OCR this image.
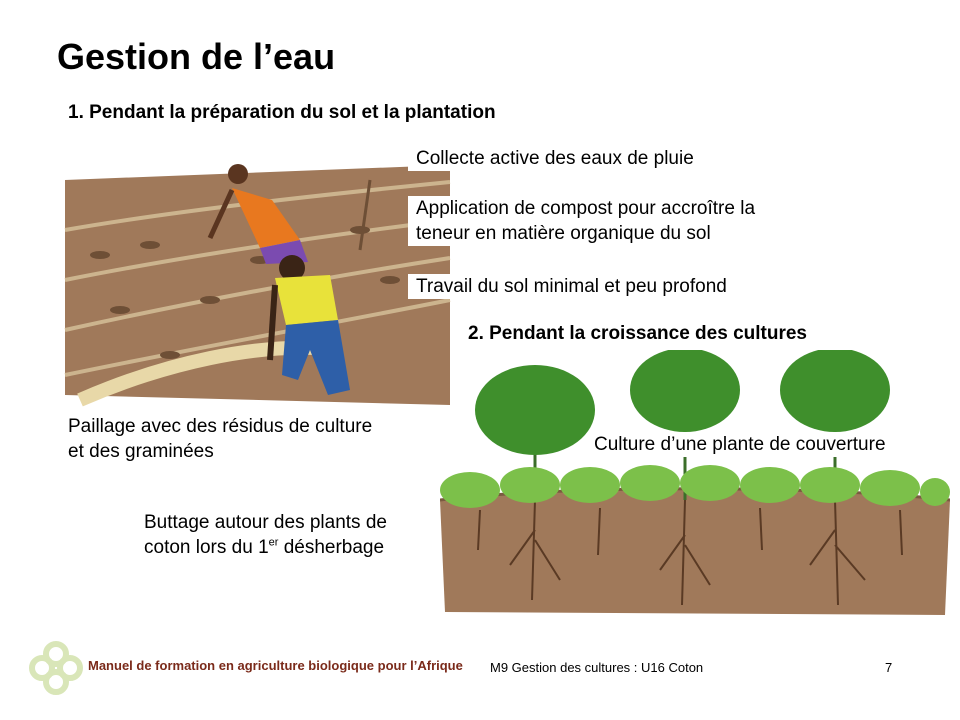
Gestion de l’eau
1. Pendant la préparation du sol et la plantation
Collecte active des eaux de pluie
Application de compost pour accroître la
teneur en matière organique du sol
Travail du sol minimal et peu profond
Paillage avec des résidus de culture
et des graminées
2. Pendant la croissance des cultures
Culture d’une plante de couverture
Buttage autour des plants de
coton lors du 1er désherbage
Manuel de formation en agriculture biologique pour l’Afrique M9 Gestion des cultures : U16 Coton	7
